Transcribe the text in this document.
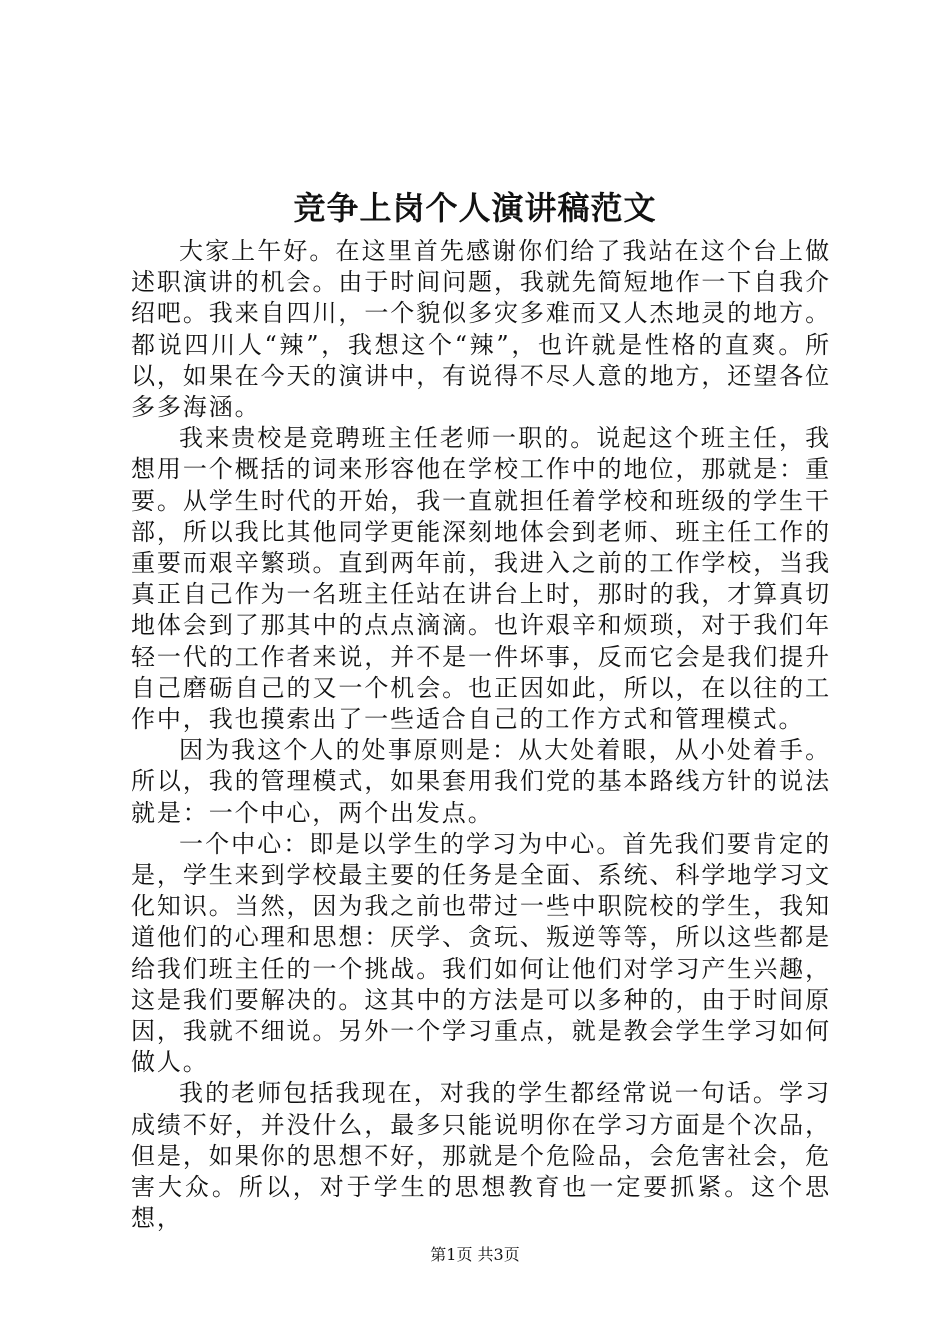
竞争上岗个人演讲稿范文

大家上午好。在这里首先感谢你们给了我站在这个台上做述职演讲的机会。由于时间问题，我就先简短地作一下自我介绍吧。我来自四川，一个貌似多灾多难而又人杰地灵的地方。都说四川人“辣”，我想这个“辣”，也许就是性格的直爽。所以，如果在今天的演讲中，有说得不尽人意的地方，还望各位多多海涵。

我来贵校是竞聘班主任老师一职的。说起这个班主任，我想用一个概括的词来形容他在学校工作中的地位，那就是：重要。从学生时代的开始，我一直就担任着学校和班级的学生干部，所以我比其他同学更能深刻地体会到老师、班主任工作的重要而艰辛繁琐。直到两年前，我进入之前的工作学校，当我真正自己作为一名班主任站在讲台上时，那时的我，才算真切地体会到了那其中的点点滴滴。也许艰辛和烦琐，对于我们年轻一代的工作者来说，并不是一件坏事，反而它会是我们提升自己磨砺自己的又一个机会。也正因如此，所以，在以往的工作中，我也摸索出了一些适合自己的工作方式和管理模式。

因为我这个人的处事原则是：从大处着眼，从小处着手。所以，我的管理模式，如果套用我们党的基本路线方针的说法就是：一个中心，两个出发点。

一个中心：即是以学生的学习为中心。首先我们要肯定的是，学生来到学校最主要的任务是全面、系统、科学地学习文化知识。当然，因为我之前也带过一些中职院校的学生，我知道他们的心理和思想：厌学、贪玩、叛逆等等，所以这些都是给我们班主任的一个挑战。我们如何让他们对学习产生兴趣，这是我们要解决的。这其中的方法是可以多种的，由于时间原因，我就不细说。另外一个学习重点，就是教会学生学习如何做人。

我的老师包括我现在，对我的学生都经常说一句话。学习成绩不好，并没什么，最多只能说明你在学习方面是个次品，但是，如果你的思想不好，那就是个危险品，会危害社会，危害大众。所以，对于学生的思想教育也一定要抓紧。这个思想，

第1页 共3页
